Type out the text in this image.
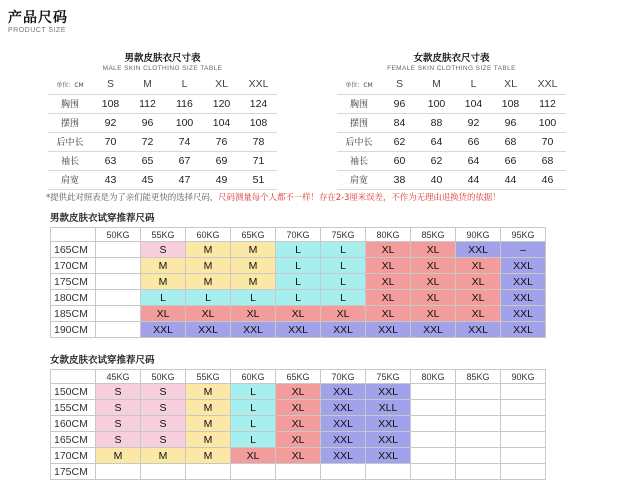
产品尺码
PRODUCT SIZE
男款皮肤衣尺寸表
MALE SKIN CLOTHING SIZE TABLE
单位：CM	S	M	L	XL	XXL
胸围	108	112	116	120	124
摆围	92	96	100	104	108
后中长	70	72	74	76	78
袖长	63	65	67	69	71
肩宽	43	45	47	49	51
女款皮肤衣尺寸表
FEMALE SKIN CLOTHING SIZE TABLE
单位：CM	S	M	L	XL	XXL
胸围	96	100	104	108	112
摆围	84	88	92	96	100
后中长	62	64	66	68	70
袖长	60	62	64	66	68
肩宽	38	40	44	44	46
*提供此对照表是为了亲们能更快的选择尺码，尺码测量每个人都不一样！存在2-3厘米误差，不作为无理由退换货的依据！
男款皮肤衣试穿推荐尺码
	50KG	55KG	60KG	65KG	70KG	75KG	80KG	85KG	90KG	95KG
165CM		S	M	M	L	L	XL	XL	XXL	–
170CM		M	M	M	L	L	XL	XL	XL	XXL
175CM		M	M	M	L	L	XL	XL	XL	XXL
180CM		L	L	L	L	L	XL	XL	XL	XXL
185CM		XL	XL	XL	XL	XL	XL	XL	XL	XXL
190CM		XXL	XXL	XXL	XXL	XXL	XXL	XXL	XXL	XXL
女款皮肤衣试穿推荐尺码
	45KG	50KG	55KG	60KG	65KG	70KG	75KG	80KG	85KG	90KG
150CM	S	S	M	L	XL	XXL	XXL			
155CM	S	S	M	L	XL	XXL	XLL			
160CM	S	S	M	L	XL	XXL	XXL			
165CM	S	S	M	L	XL	XXL	XXL			
170CM	M	M	M	XL	XL	XXL	XXL			
175CM										
